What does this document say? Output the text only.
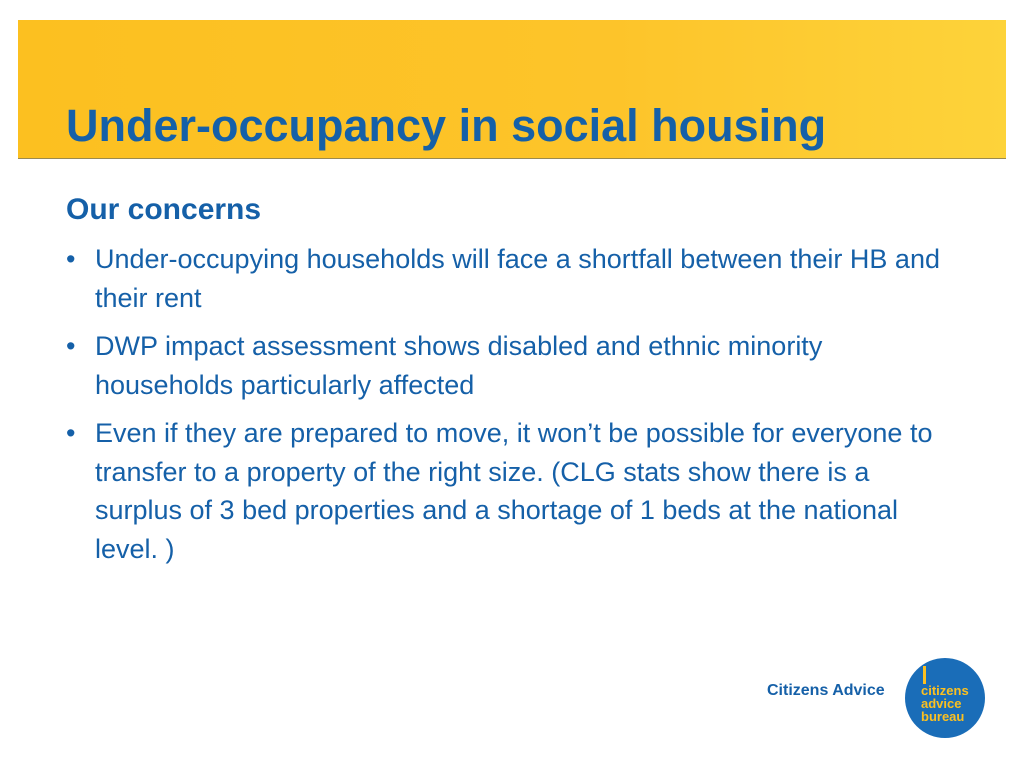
Under-occupancy in social housing
Our concerns
• Under-occupying households will face a shortfall between their HB and their rent
• DWP impact assessment shows disabled and ethnic minority households particularly affected
• Even if they are prepared to move, it won’t be possible for everyone to transfer to a property of the right size. (CLG stats show there is a surplus of 3 bed properties and a shortage of 1 beds at the national level. )
Citizens Advice	citizens
advice
bureau
